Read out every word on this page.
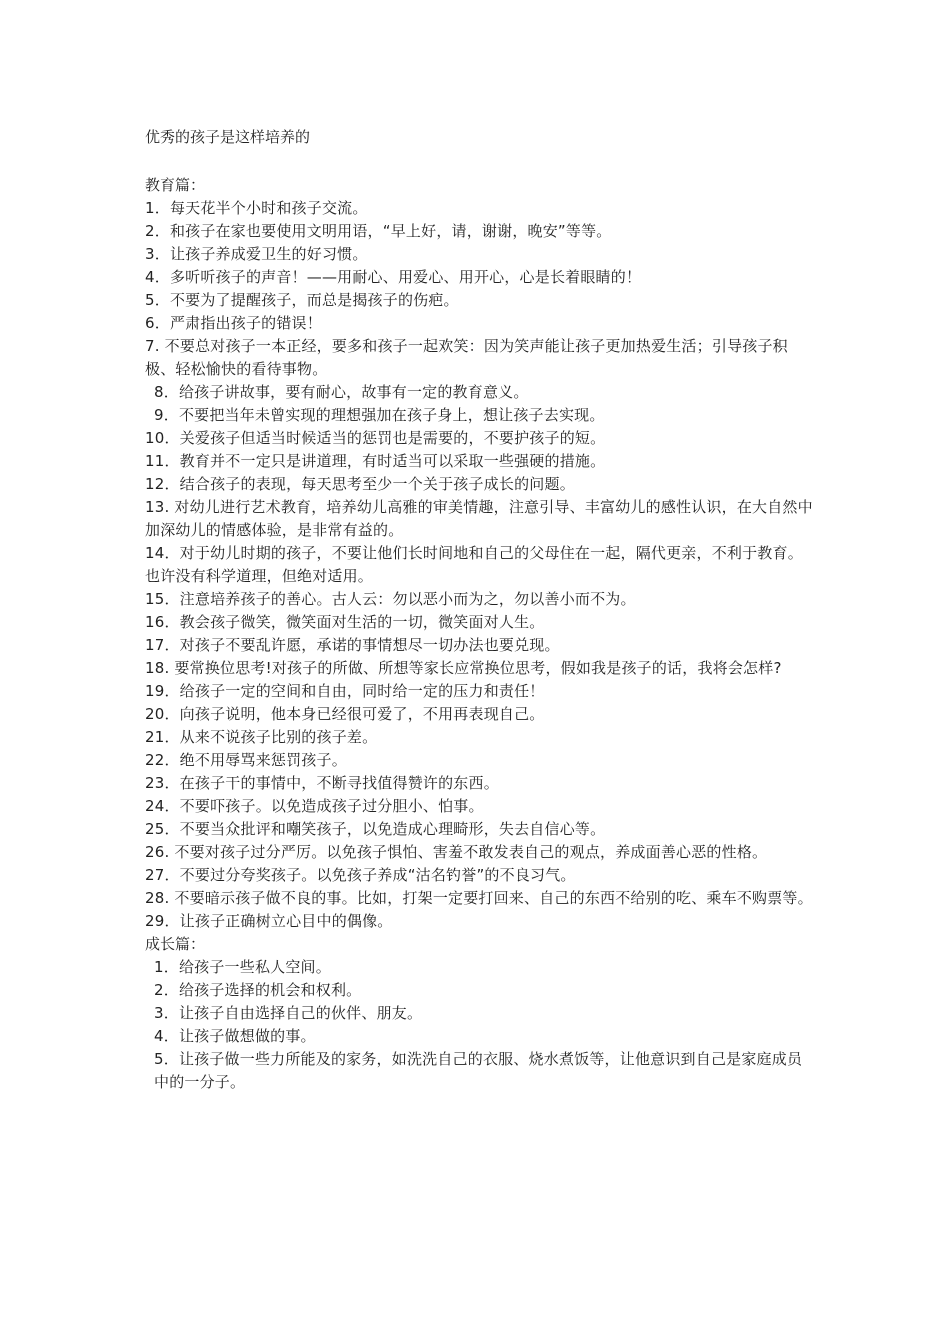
优秀的孩子是这样培养的
教育篇：
1．每天花半个小时和孩子交流。
2．和孩子在家也要使用文明用语，“早上好，请，谢谢，晚安”等等。
3．让孩子养成爱卫生的好习惯。
4．多听听孩子的声音！——用耐心、用爱心、用开心，心是长着眼睛的！
5．不要为了提醒孩子，而总是揭孩子的伤疤。
6．严肃指出孩子的错误！
7. 不要总对孩子一本正经，要多和孩子一起欢笑：因为笑声能让孩子更加热爱生活；引导孩子积极、轻松愉快的看待事物。
8．给孩子讲故事，要有耐心，故事有一定的教育意义。
9．不要把当年未曾实现的理想强加在孩子身上，想让孩子去实现。
10．关爱孩子但适当时候适当的惩罚也是需要的，不要护孩子的短。
11．教育并不一定只是讲道理，有时适当可以采取一些强硬的措施。
12．结合孩子的表现，每天思考至少一个关于孩子成长的问题。
13. 对幼儿进行艺术教育，培养幼儿高雅的审美情趣，注意引导、丰富幼儿的感性认识，在大自然中加深幼儿的情感体验，是非常有益的。
14．对于幼儿时期的孩子，不要让他们长时间地和自己的父母住在一起，隔代更亲，不利于教育。也许没有科学道理，但绝对适用。
15．注意培养孩子的善心。古人云：勿以恶小而为之，勿以善小而不为。
16．教会孩子微笑，微笑面对生活的一切，微笑面对人生。
17．对孩子不要乱许愿，承诺的事情想尽一切办法也要兑现。
18. 要常换位思考!对孩子的所做、所想等家长应常换位思考，假如我是孩子的话，我将会怎样?
19．给孩子一定的空间和自由，同时给一定的压力和责任！
20．向孩子说明，他本身已经很可爱了，不用再表现自己。
21．从来不说孩子比别的孩子差。
22．绝不用辱骂来惩罚孩子。
23．在孩子干的事情中，不断寻找值得赞许的东西。
24．不要吓孩子。以免造成孩子过分胆小、怕事。
25．不要当众批评和嘲笑孩子，以免造成心理畸形，失去自信心等。
26. 不要对孩子过分严厉。以免孩子惧怕、害羞不敢发表自己的观点，养成面善心恶的性格。
27．不要过分夸奖孩子。以免孩子养成“沽名钓誉”的不良习气。
28. 不要暗示孩子做不良的事。比如，打架一定要打回来、自己的东西不给别的吃、乘车不购票等。
29．让孩子正确树立心目中的偶像。
成长篇：
1．给孩子一些私人空间。
2．给孩子选择的机会和权利。
3．让孩子自由选择自己的伙伴、朋友。
4．让孩子做想做的事。
5．让孩子做一些力所能及的家务，如洗洗自己的衣服、烧水煮饭等，让他意识到自己是家庭成员中的一分子。
